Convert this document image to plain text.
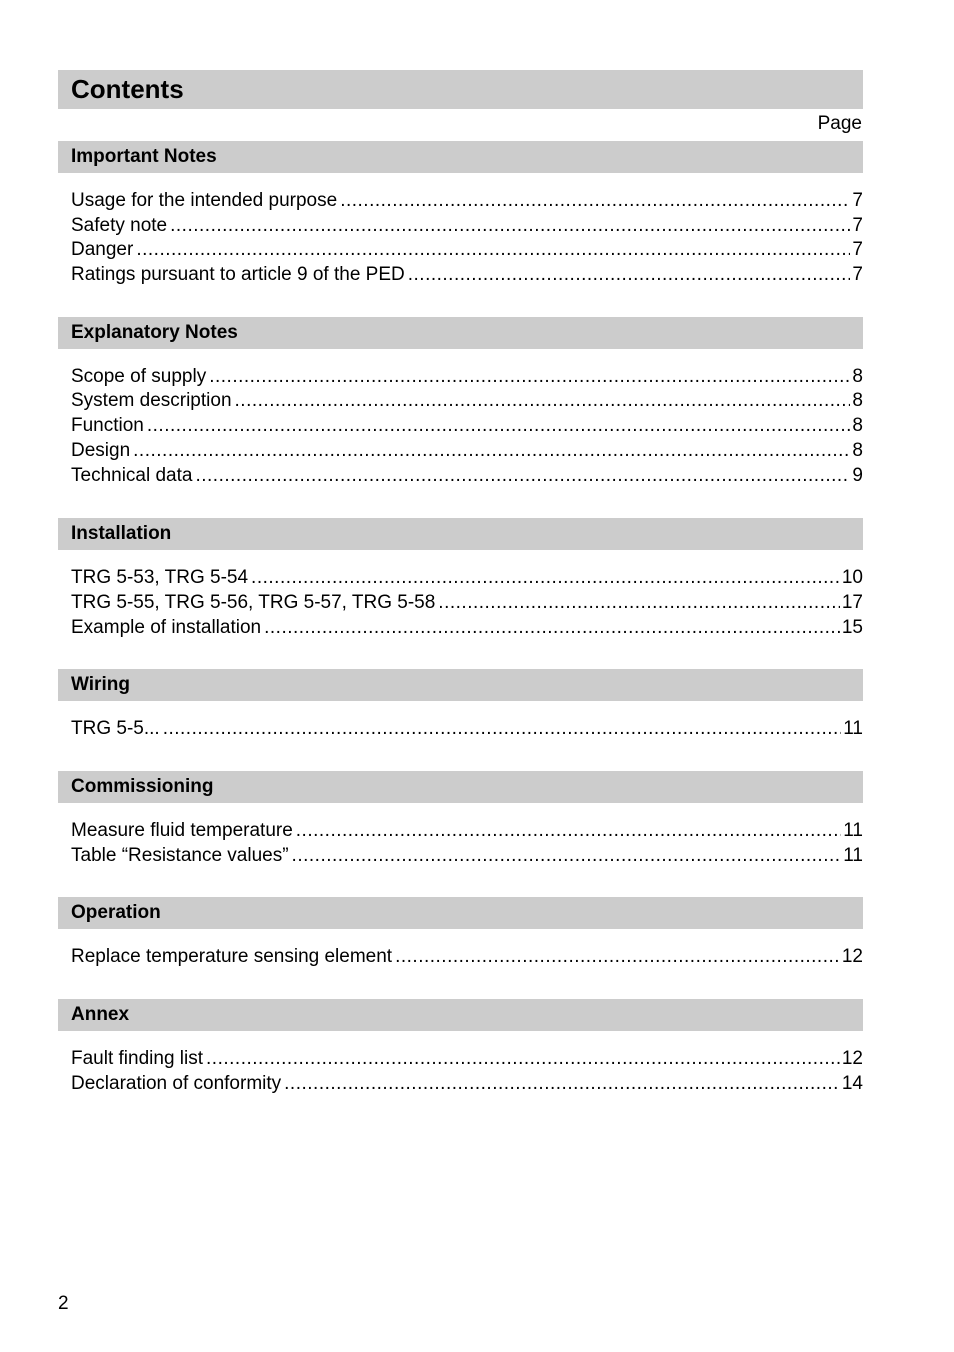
Contents
Page
Important Notes
Usage for the intended purpose .....	7
Safety note .....	7
Danger .....	7
Ratings pursuant to article 9 of the PED .....	7
Explanatory Notes
Scope of supply .....	8
System description .....	8
Function .....	8
Design .....	8
Technical data .....	9
Installation
TRG 5-53, TRG 5-54 .....	10
TRG 5-55, TRG 5-56, TRG 5-57, TRG 5-58 .....	17
Example of installation .....	15
Wiring
TRG 5-5... .....	11
Commissioning
Measure fluid temperature .....	11
Table “Resistance values” .....	11
Operation
Replace temperature sensing element .....	12
Annex
Fault finding list .....	12
Declaration of conformity .....	14
2
